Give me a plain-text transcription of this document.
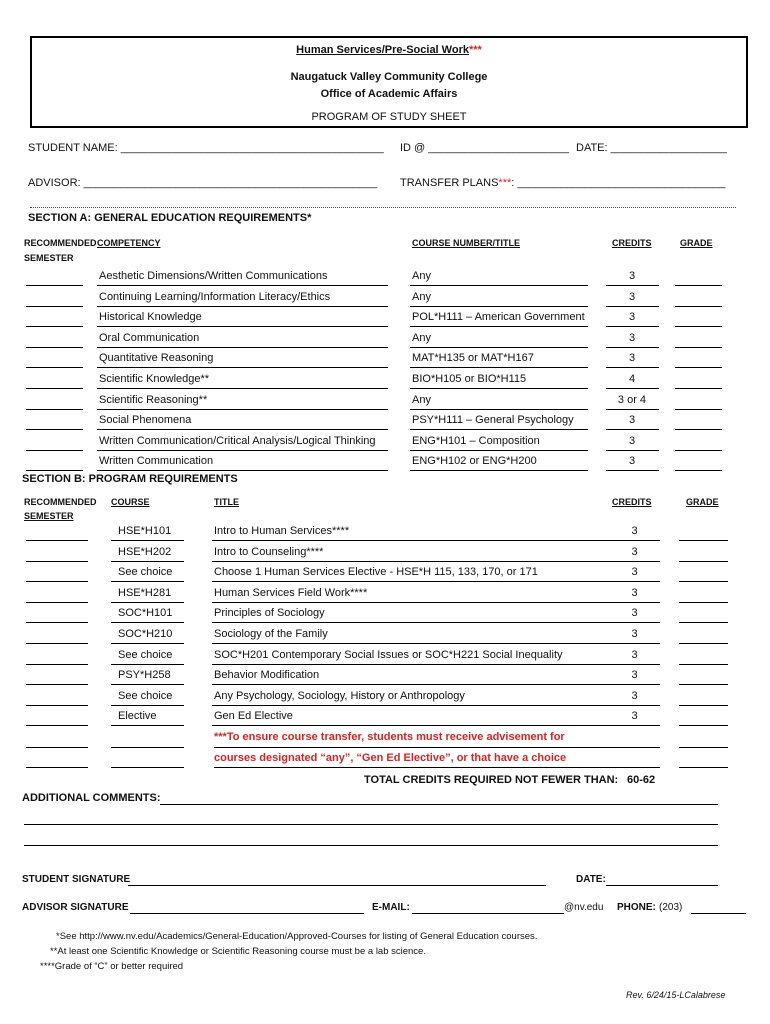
Human Services/Pre-Social Work***
Naugatuck Valley Community College
Office of Academic Affairs
PROGRAM OF STUDY SHEET
STUDENT NAME: ___________________________________________ ID @ _______________________ DATE: ___________________
ADVISOR: ________________________________________________ TRANSFER PLANS***: __________________________________
SECTION A: GENERAL EDUCATION REQUIREMENTS*
RECOMMENDED
SEMESTER
COMPETENCY	COURSE NUMBER/TITLE	CREDITS	GRADE
Aesthetic Dimensions/Written Communications	Any	3
Continuing Learning/Information Literacy/Ethics	Any	3
Historical Knowledge	POL*H111 – American Government	3
Oral Communication	Any	3
Quantitative Reasoning	MAT*H135 or MAT*H167	3
Scientific Knowledge**	BIO*H105 or BIO*H115	4
Scientific Reasoning**	Any	3 or 4
Social Phenomena	PSY*H111 – General Psychology	3
Written Communication/Critical Analysis/Logical Thinking	ENG*H101 – Composition	3
Written Communication	ENG*H102 or ENG*H200	3
SECTION B: PROGRAM REQUIREMENTS
RECOMMENDED
SEMESTER
COURSE	TITLE	CREDITS	GRADE
HSE*H101	Intro to Human Services****	3
HSE*H202	Intro to Counseling****	3
See choice	Choose 1 Human Services Elective - HSE*H 115, 133, 170, or 171	3
HSE*H281	Human Services Field Work****	3
SOC*H101	Principles of Sociology	3
SOC*H210	Sociology of the Family	3
See choice	SOC*H201 Contemporary Social Issues or SOC*H221 Social Inequality	3
PSY*H258	Behavior Modification	3
See choice	Any Psychology, Sociology, History or Anthropology	3
Elective	Gen Ed Elective	3
***To ensure course transfer, students must receive advisement for
courses designated “any”, “Gen Ed Elective”, or that have a choice
TOTAL CREDITS REQUIRED NOT FEWER THAN: 60-62
ADDITIONAL COMMENTS:
STUDENT SIGNATURE	DATE:
ADVISOR SIGNATURE	E-MAIL:	@nv.edu PHONE: (203)
*See http://www.nv.edu/Academics/General-Education/Approved-Courses for listing of General Education courses.
**At least one Scientific Knowledge or Scientific Reasoning course must be a lab science.
****Grade of “C” or better required
Rev. 6/24/15-LCalabrese
